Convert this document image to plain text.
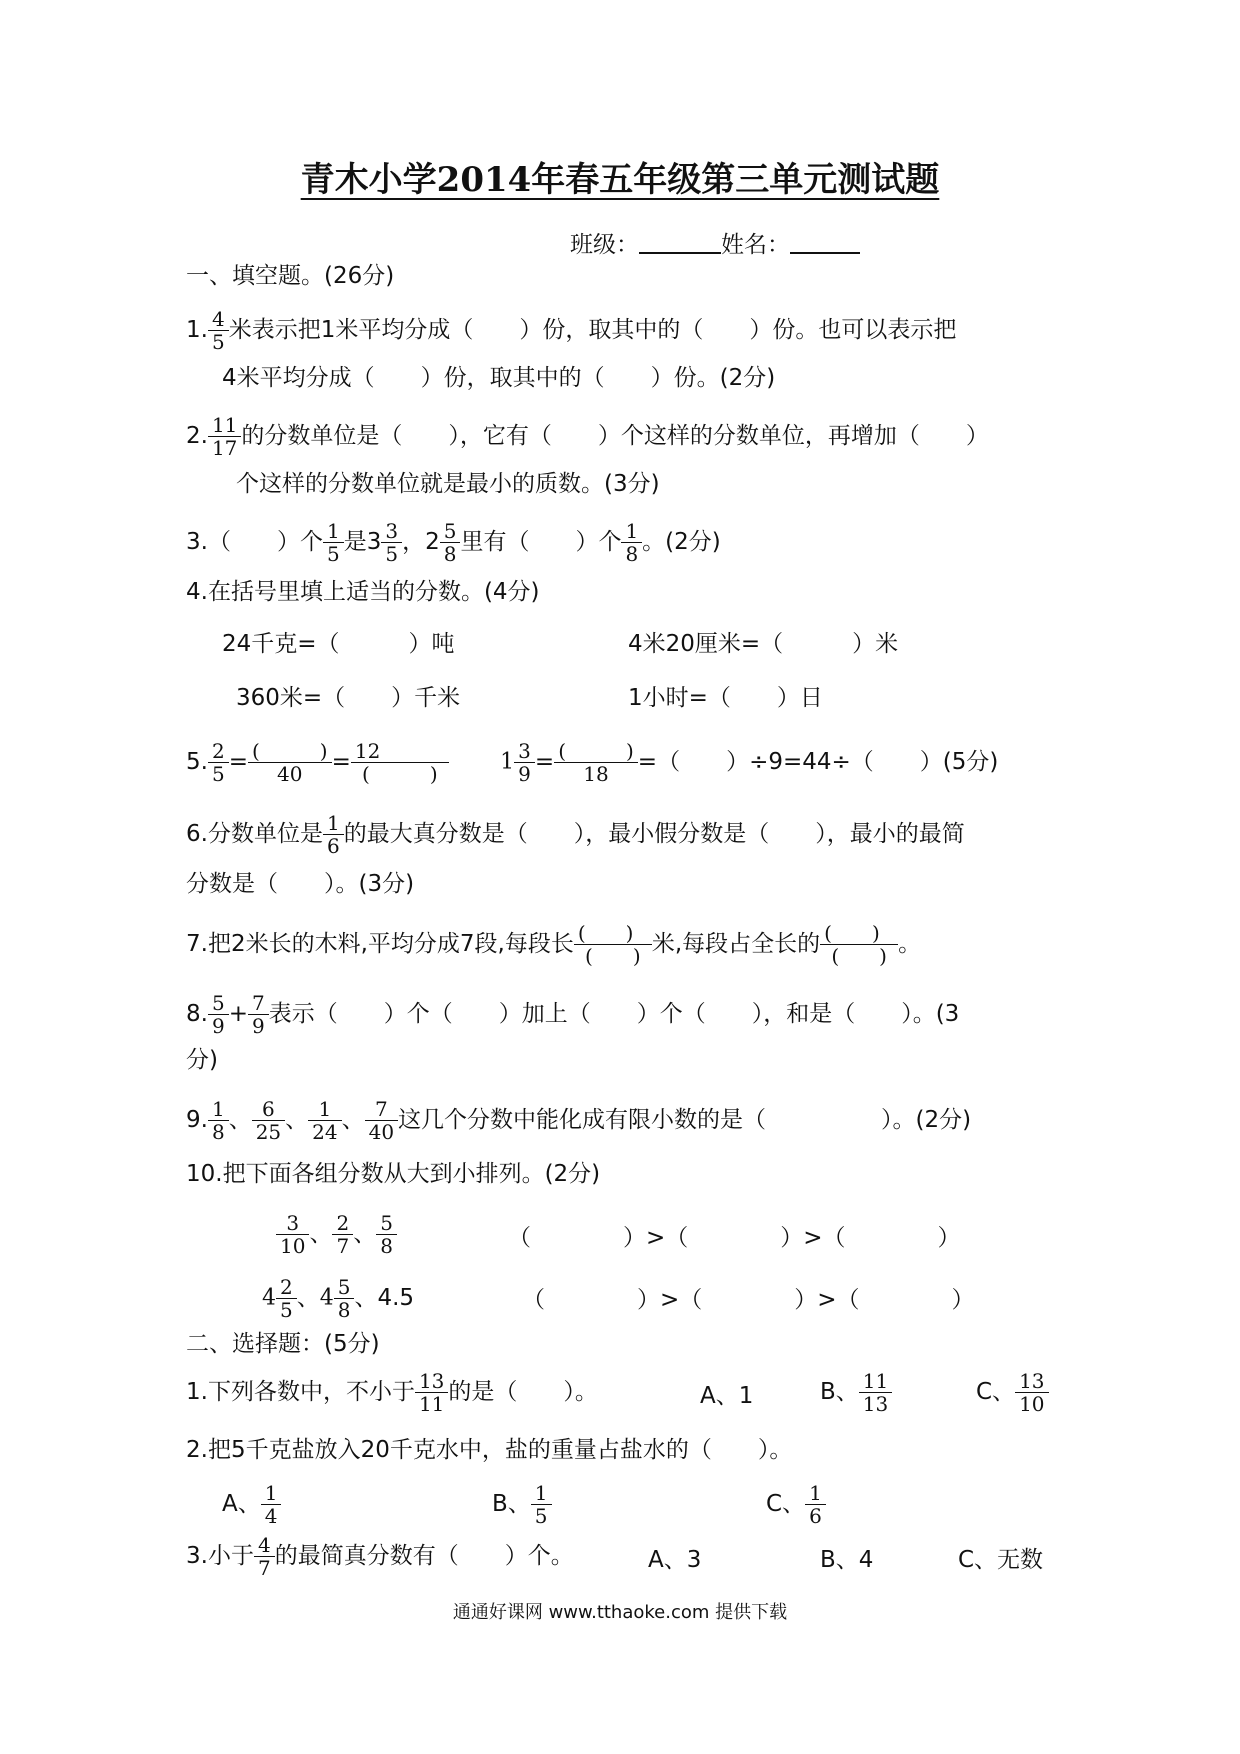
青木小学2014年春五年级第三单元测试题
班级：	姓名：
一、填空题。(26分)
1. $\frac{4}{5}$ 米表示把1米平均分成（　　）份，取其中的（　　）份。也可以表示把
4米平均分成（　　）份，取其中的（　　）份。(2分)
2. $\frac{11}{17}$ 的分数单位是（　　），它有（　　）个这样的分数单位，再增加（　　）
个这样的分数单位就是最小的质数。(3分)
3.（　　）个 $\frac{1}{5}$ 是$3 \frac{3}{5}$ ，$2 \frac{5}{8}$ 里有（　　）个 $\frac{1}{8}$ 。(2分)
4.在括号里填上适当的分数。(4分)
24千克=（　　　）吨	4米20厘米=（　　　）米
360米=（　　）千米	1小时=（　　）日
5. $\frac{2}{5} = \frac{( )}{40} = \frac{12}{( )} 1 \frac{3}{9} = \frac{( )}{18}$ =（　　）÷9=44÷（　　）(5分)
6.分数单位是 $\frac{1}{6}$ 的最大真分数是（　　），最小假分数是（　　），最小的最简
分数是（　　）。(3分)
7.把2米长的木料,平均分成7段,每段长 $\frac{( )}{( )}$ 米,每段占全长的 $\frac{( )}{( )}$ 。
8. $\frac{5}{9} + \frac{7}{9}$ 表示（　　）个（　　）加上（　　）个（　　），和是（　　）。(3
分)
9. $\frac{1}{8}$ 、 $\frac{6}{25}$ 、 $\frac{1}{24}$ 、 $\frac{7}{40}$ 这几个分数中能化成有限小数的是（　　　　　）。(2分)
10.把下面各组分数从大到小排列。(2分)
$\frac{3}{10}$ 、 $\frac{2}{7}$ 、 $\frac{5}{8}$	（　　　　）>（　　　　）>（　　　　）
$4 \frac{2}{5}$ 、$4 \frac{5}{8}$ 、4.5	（　　　　）>（　　　　）>（　　　　）
二、选择题：(5分)
1.下列各数中，不小于 $\frac{13}{11}$ 的是（　　）。	A、1	B、 $\frac{11}{13}$	C、 $\frac{13}{10}$
2.把5千克盐放入20千克水中，盐的重量占盐水的（　　）。
A、 $\frac{1}{4}$	B、 $\frac{1}{5}$	C、 $\frac{1}{6}$
3.小于 $\frac{4}{7}$ 的最简真分数有（　　）个。	A、3	B、4	C、无数
通通好课网 www.tthaoke.com 提供下载
